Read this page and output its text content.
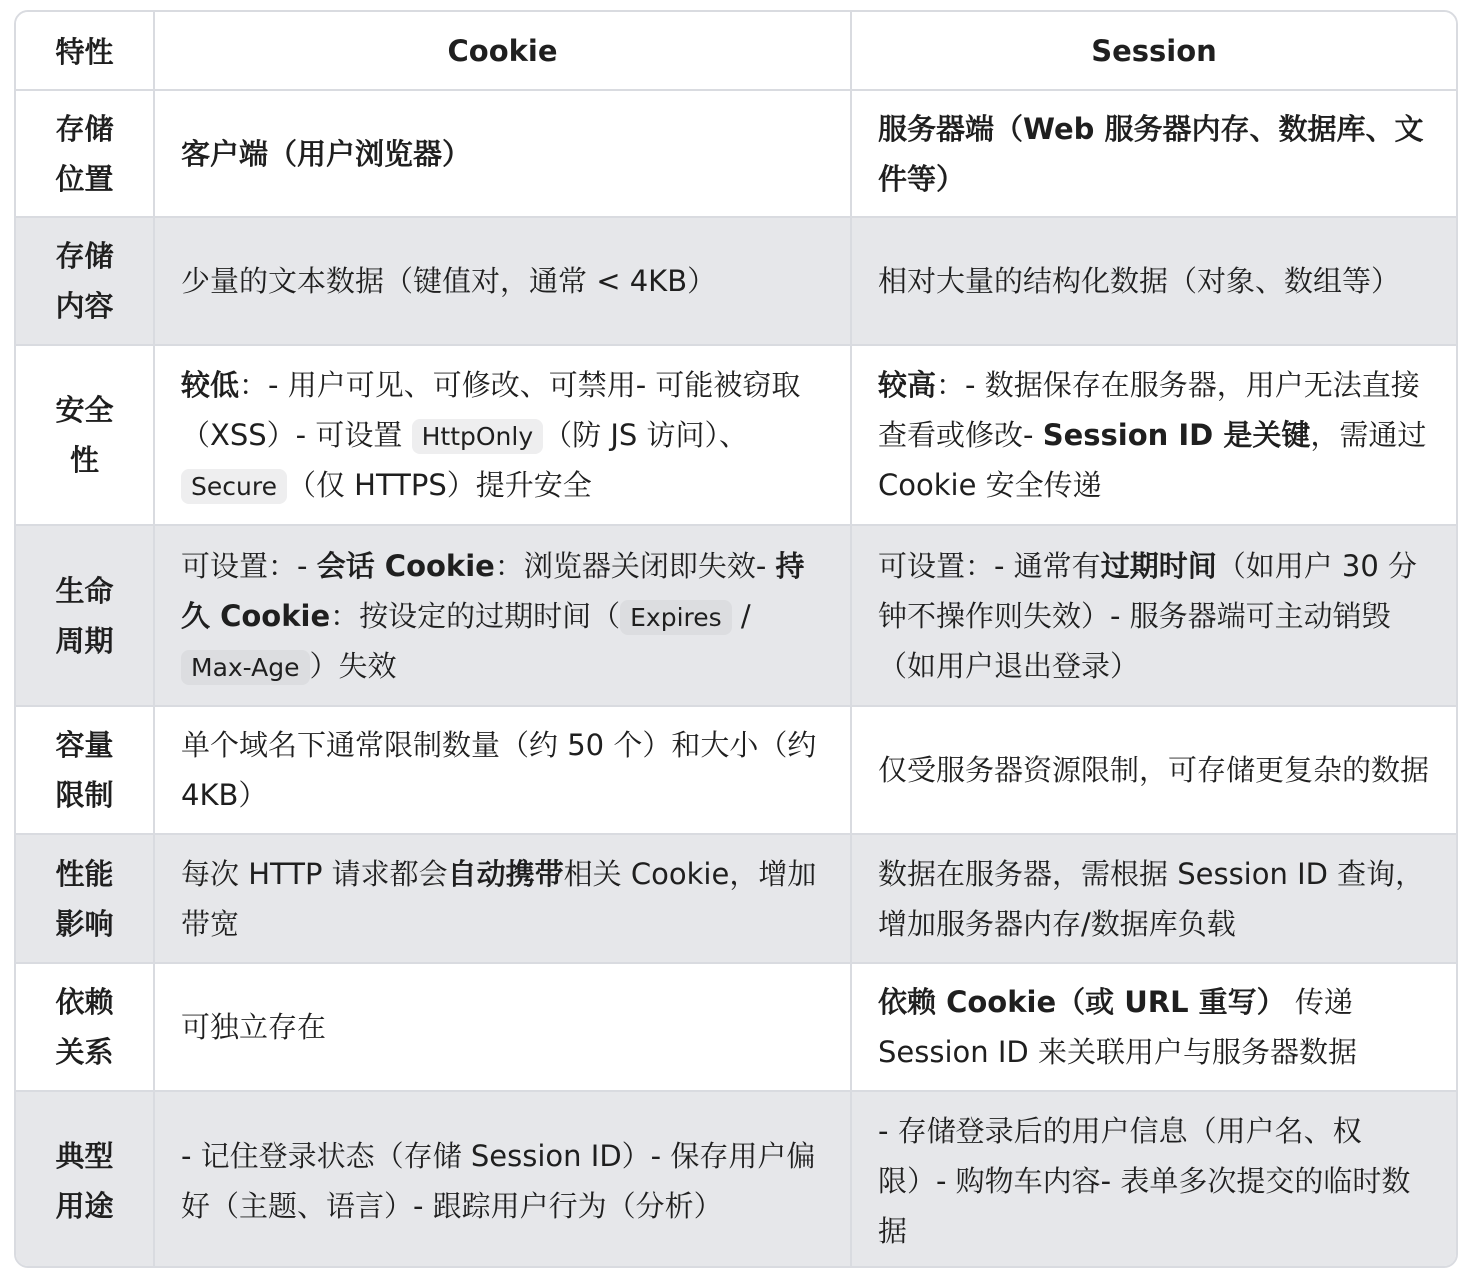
特性	Cookie	Session
存储位置	客户端（用户浏览器）	服务器端（Web 服务器内存、数据库、文件等）
存储内容	少量的文本数据（键值对，通常 < 4KB）	相对大量的结构化数据（对象、数组等）
安全性	较低：- 用户可见、可修改、可禁用- 可能被窃取（XSS）- 可设置 HttpOnly （防 JS 访问）、Secure （仅 HTTPS）提升安全	较高：- 数据保存在服务器，用户无法直接查看或修改- Session ID 是关键，需通过 Cookie 安全传递
生命周期	可设置：- 会话 Cookie：浏览器关闭即失效- 持久 Cookie：按设定的过期时间（ Expires / Max-Age ）失效	可设置：- 通常有过期时间（如用户 30 分钟不操作则失效）- 服务器端可主动销毁（如用户退出登录）
容量限制	单个域名下通常限制数量（约 50 个）和大小（约 4KB）	仅受服务器资源限制，可存储更复杂的数据
性能影响	每次 HTTP 请求都会自动携带相关 Cookie，增加带宽	数据在服务器，需根据 Session ID 查询，增加服务器内存/数据库负载
依赖关系	可独立存在	依赖 Cookie（或 URL 重写） 传递 Session ID 来关联用户与服务器数据
典型用途	- 记住登录状态（存储 Session ID）- 保存用户偏好（主题、语言）- 跟踪用户行为（分析）	- 存储登录后的用户信息（用户名、权限）- 购物车内容- 表单多次提交的临时数据
